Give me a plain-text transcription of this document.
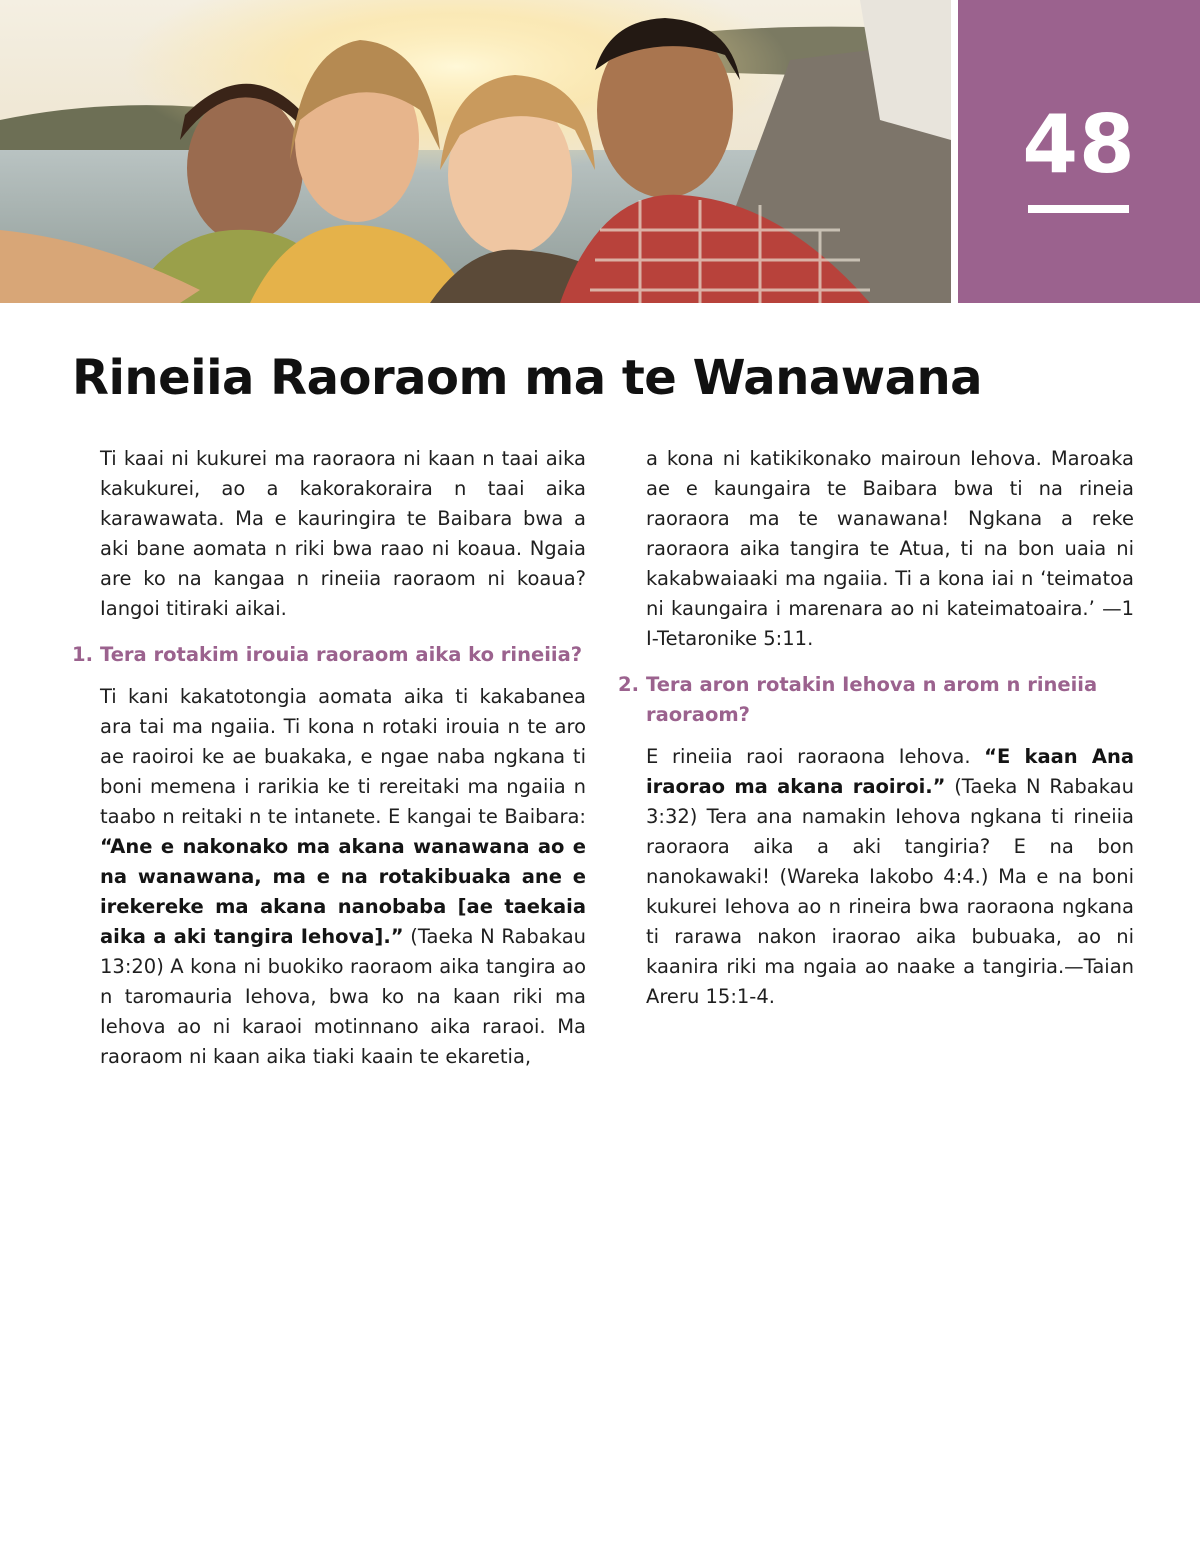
48
Rineiia Raoraom ma te Wanawana

Ti kaai ni kukurei ma raoraora ni kaan n taai aika kakukurei, ao a kakorakoraira n taai aika karawawata. Ma e kauringira te Baibara bwa a aki bane aomata n riki bwa raao ni koaua. Ngaia are ko na kangaa n rineiia raoraom ni koaua? Iangoi titiraki aikai.

1. Tera rotakim irouia raoraom aika ko rineiia?

Ti kani kakatotongia aomata aika ti kakabanea ara tai ma ngaiia. Ti kona n rotaki irouia n te aro ae raoiroi ke ae buakaka, e ngae naba ngkana ti boni memena i rarikia ke ti rereitaki ma ngaiia n taabo n reitaki n te intanete. E kangai te Baibara: “Ane e nakonako ma akana wanawana ao e na wanawana, ma e na rotakibuaka ane e irekereke ma akana nanobaba [ae taekaia aika a aki tangira Iehova].” (Taeka N Rabakau 13:20) A kona ni buokiko raoraom aika tangira ao n taromauria Iehova, bwa ko na kaan riki ma Iehova ao ni karaoi motinnano aika raraoi. Ma raoraom ni kaan aika tiaki kaain te ekaretia,

a kona ni katikikonako mairoun Iehova. Maroaka ae e kaungaira te Baibara bwa ti na rineia raoraora ma te wanawana! Ngkana a reke raoraora aika tangira te Atua, ti na bon uaia ni kakabwaiaaki ma ngaiia. Ti a kona iai n ‘teimatoa ni kaungaira i marenara ao ni kateimatoaira.’ —1 I-Tetaronike 5:11.

2. Tera aron rotakin Iehova n arom n rineiia raoraom?

E rineiia raoi raoraona Iehova. “E kaan Ana iraorao ma akana raoiroi.” (Taeka N Rabakau 3:32) Tera ana namakin Iehova ngkana ti rineiia raoraora aika a aki tangiria? E na bon nanokawaki! (Wareka Iakobo 4:4.) Ma e na boni kukurei Iehova ao n rineira bwa raoraona ngkana ti rarawa nakon iraorao aika bubuaka, ao ni kaanira riki ma ngaia ao naake a tangiria.—Taian Areru 15:1-4.
